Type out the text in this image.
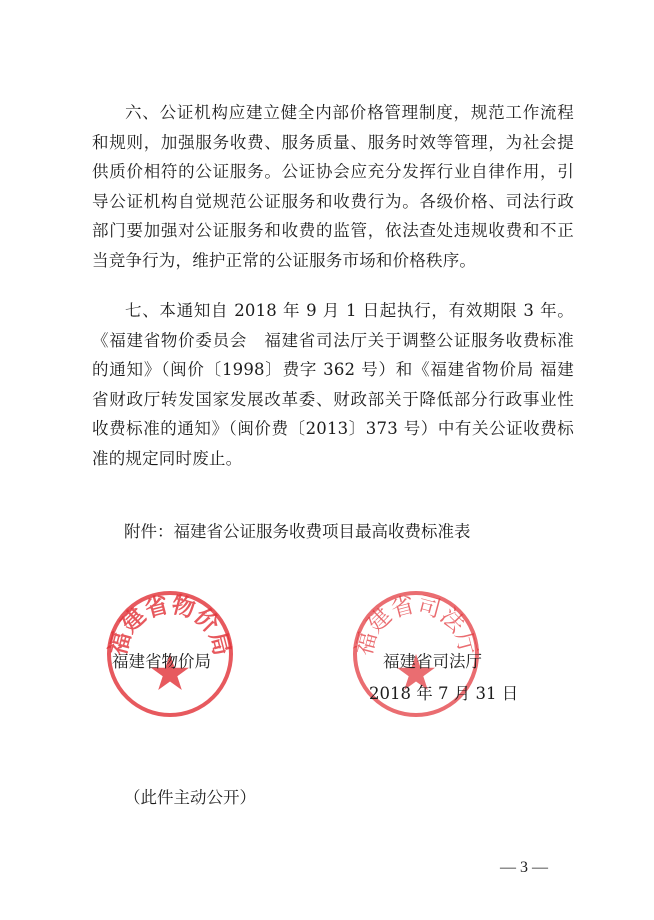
六、公证机构应建立健全内部价格管理制度，规范工作流程和规则，加强服务收费、服务质量、服务时效等管理，为社会提供质价相符的公证服务。公证协会应充分发挥行业自律作用，引导公证机构自觉规范公证服务和收费行为。各级价格、司法行政部门要加强对公证服务和收费的监管，依法查处违规收费和不正当竞争行为，维护正常的公证服务市场和价格秩序。

七、本通知自 2018 年 9 月 1 日起执行，有效期限 3 年。《福建省物价委员会　福建省司法厅关于调整公证服务收费标准的通知》（闽价〔1998〕费字 362 号）和《福建省物价局 福建省财政厅转发国家发展改革委、财政部关于降低部分行政事业性收费标准的通知》（闽价费〔2013〕373 号）中有关公证收费标准的规定同时废止。

附件：福建省公证服务收费项目最高收费标准表
福建省物价局	福建省司法厅
福建省物价局	福建省司法厅
2018 年 7 月 31 日
（此件主动公开）
— 3 —
